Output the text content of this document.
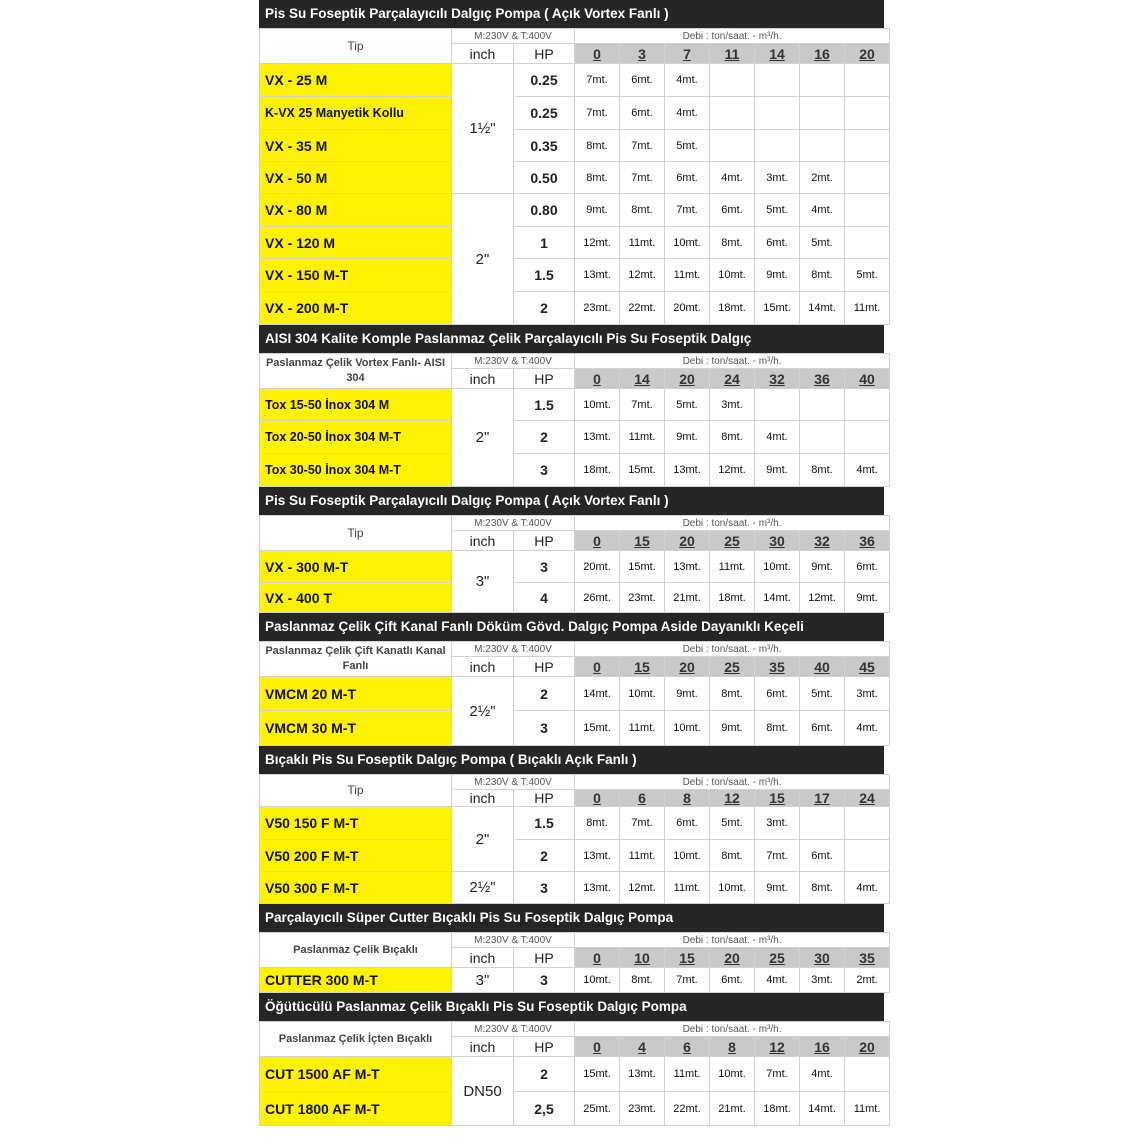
Pis Su Foseptik Parçalayıcılı Dalgıç Pompa ( Açık Vortex Fanlı )
Tip	M:230V & T:400V		Debi : ton/saat. - m³/h.						
	inch	HP	0	3	7	11	14	16	20
VX - 25 M	1½"	0.25	7mt.	6mt.	4mt.				
K-VX 25 Manyetik Kollu		0.25	7mt.	6mt.	4mt.				
VX - 35 M		0.35	8mt.	7mt.	5mt.				
VX - 50 M		0.50	8mt.	7mt.	6mt.	4mt.	3mt.	2mt.	
VX - 80 M	2"	0.80	9mt.	8mt.	7mt.	6mt.	5mt.	4mt.	
VX - 120 M		1	12mt.	11mt.	10mt.	8mt.	6mt.	5mt.	
VX - 150 M-T		1.5	13mt.	12mt.	11mt.	10mt.	9mt.	8mt.	5mt.
VX - 200 M-T		2	23mt.	22mt.	20mt.	18mt.	15mt.	14mt.	11mt.
AISI 304 Kalite Komple Paslanmaz Çelik Parçalayıcılı Pis Su Foseptik Dalgıç
Paslanmaz Çelik Vortex Fanlı- AISI 304	M:230V & T:400V		Debi : ton/saat. - m³/h.						
	inch	HP	0	14	20	24	32	36	40
Tox 15-50 İnox 304 M	2"	1.5	10mt.	7mt.	5mt.	3mt.			
Tox 20-50 İnox 304 M-T		2	13mt.	11mt.	9mt.	8mt.	4mt.		
Tox 30-50 İnox 304 M-T		3	18mt.	15mt.	13mt.	12mt.	9mt.	8mt.	4mt.
Pis Su Foseptik Parçalayıcılı Dalgıç Pompa ( Açık Vortex Fanlı )
Tip	M:230V & T:400V		Debi : ton/saat. - m³/h.						
	inch	HP	0	15	20	25	30	32	36
VX - 300 M-T	3"	3	20mt.	15mt.	13mt.	11mt.	10mt.	9mt.	6mt.
VX - 400 T		4	26mt.	23mt.	21mt.	18mt.	14mt.	12mt.	9mt.
Paslanmaz Çelik Çift Kanal Fanlı Döküm Gövd. Dalgıç Pompa Aside Dayanıklı Keçeli
Paslanmaz Çelik Çift Kanatlı Kanal Fanlı	M:230V & T:400V		Debi : ton/saat. - m³/h.						
	inch	HP	0	15	20	25	35	40	45
VMCM 20 M-T	2½"	2	14mt.	10mt.	9mt.	8mt.	6mt.	5mt.	3mt.
VMCM 30 M-T		3	15mt.	11mt.	10mt.	9mt.	8mt.	6mt.	4mt.
Bıçaklı Pis Su Foseptik Dalgıç Pompa ( Bıçaklı Açık Fanlı )
Tip	M:230V & T:400V		Debi : ton/saat. - m³/h.						
	inch	HP	0	6	8	12	15	17	24
V50 150 F M-T	2"	1.5	8mt.	7mt.	6mt.	5mt.	3mt.		
V50 200 F M-T		2	13mt.	11mt.	10mt.	8mt.	7mt.	6mt.	
V50 300 F M-T	2½"	3	13mt.	12mt.	11mt.	10mt.	9mt.	8mt.	4mt.
Parçalayıcılı Süper Cutter Bıçaklı Pis Su Foseptik Dalgıç Pompa
Paslanmaz Çelik Bıçaklı	M:230V & T:400V		Debi : ton/saat. - m³/h.						
	inch	HP	0	10	15	20	25	30	35
CUTTER 300 M-T	3"	3	10mt.	8mt.	7mt.	6mt.	4mt.	3mt.	2mt.
Öğütücülü Paslanmaz Çelik Bıçaklı Pis Su Foseptik Dalgıç Pompa
Paslanmaz Çelik İçten Bıçaklı	M:230V & T:400V		Debi : ton/saat. - m³/h.						
	inch	HP	0	4	6	8	12	16	20
CUT 1500 AF M-T	DN50	2	15mt.	13mt.	11mt.	10mt.	7mt.	4mt.	
CUT 1800 AF M-T		2,5	25mt.	23mt.	22mt.	21mt.	18mt.	14mt.	11mt.
